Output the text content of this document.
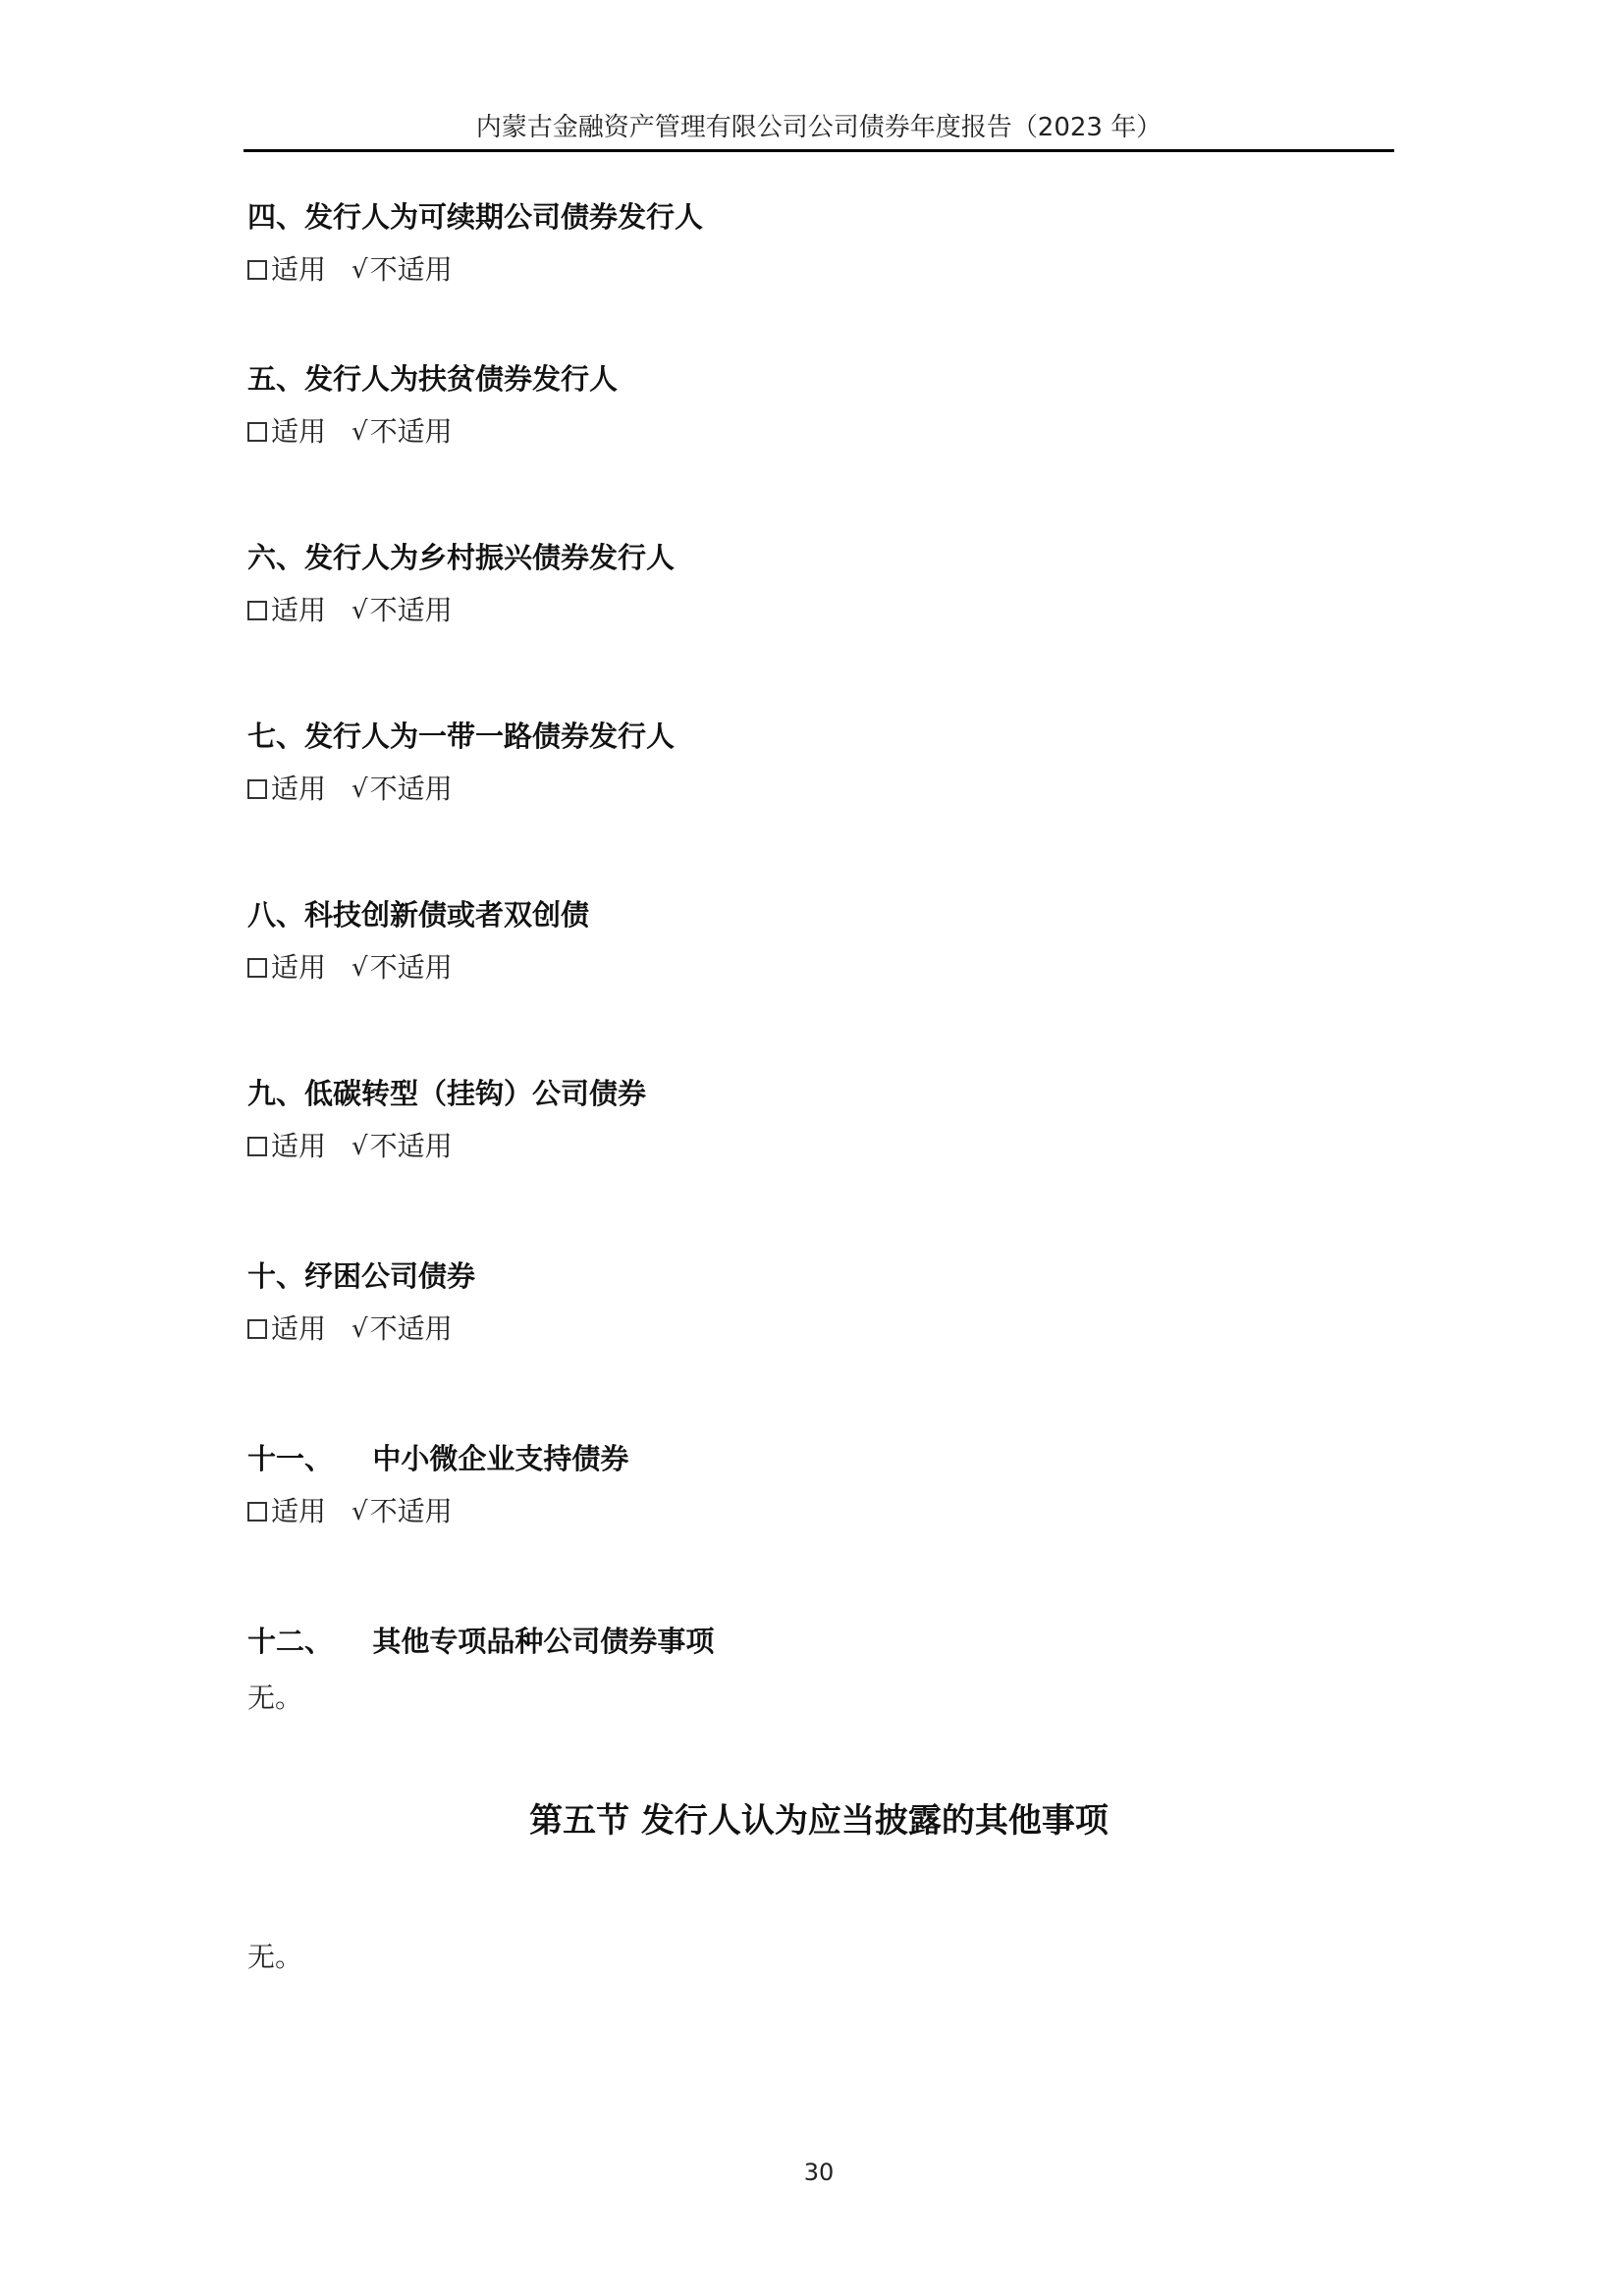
内蒙古金融资产管理有限公司公司债券年度报告（2023 年）
四、发行人为可续期公司债券发行人
适用 √ 不适用
五、发行人为扶贫债券发行人
适用 √ 不适用
六、发行人为乡村振兴债券发行人
适用 √ 不适用
七、发行人为一带一路债券发行人
适用 √ 不适用
八、科技创新债或者双创债
适用 √ 不适用
九、低碳转型（挂钩）公司债券
适用 √ 不适用
十、纾困公司债券
适用 √ 不适用
十一、    中小微企业支持债券
适用 √ 不适用
十二、    其他专项品种公司债券事项
无。
第五节 发行人认为应当披露的其他事项
无。
30
